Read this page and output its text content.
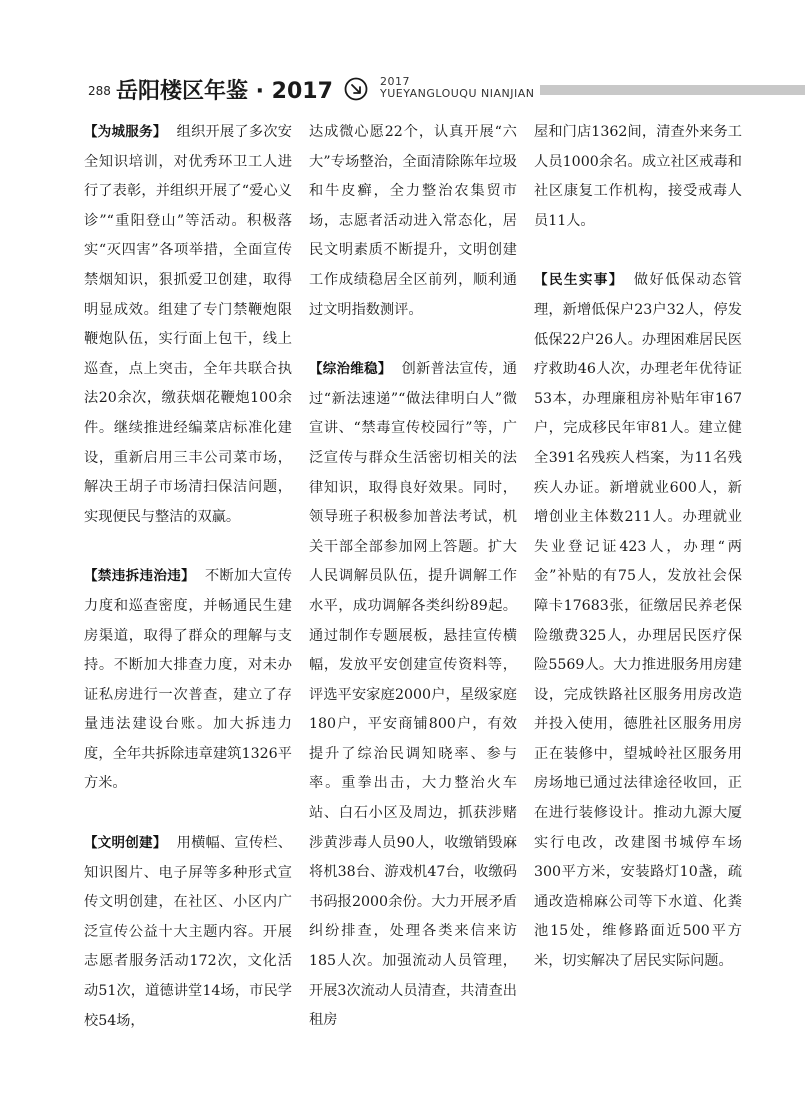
288 岳阳楼区年鉴 · 2017	2017
YUEYANGLOUQU NIANJIAN

【为城服务】 组织开展了多次安全知识培训，对优秀环卫工人进行了表彰，并组织开展了“爱心义诊”“重阳登山”等活动。积极落实“灭四害”各项举措，全面宣传禁烟知识，狠抓爱卫创建，取得明显成效。组建了专门禁鞭炮限鞭炮队伍，实行面上包干，线上巡查，点上突击，全年共联合执法20余次，缴获烟花鞭炮100余件。继续推进经编菜店标准化建设，重新启用三丰公司菜市场，解决王胡子市场清扫保洁问题，实现便民与整洁的双赢。

【禁违拆违治违】 不断加大宣传力度和巡查密度，并畅通民生建房渠道，取得了群众的理解与支持。不断加大排查力度，对未办证私房进行一次普查，建立了存量违法建设台账。加大拆违力度，全年共拆除违章建筑1326平方米。

【文明创建】 用横幅、宣传栏、知识图片、电子屏等多种形式宣传文明创建，在社区、小区内广泛宣传公益十大主题内容。开展志愿者服务活动172次，文化活动51次，道德讲堂14场，市民学校54场，

达成微心愿22个，认真开展“六大”专场整治，全面清除陈年垃圾和牛皮癣，全力整治农集贸市场，志愿者活动进入常态化，居民文明素质不断提升，文明创建工作成绩稳居全区前列，顺利通过文明指数测评。

【综治维稳】 创新普法宣传，通过“新法速递”“做法律明白人”微宣讲、“禁毒宣传校园行”等，广泛宣传与群众生活密切相关的法律知识，取得良好效果。同时，领导班子积极参加普法考试，机关干部全部参加网上答题。扩大人民调解员队伍，提升调解工作水平，成功调解各类纠纷89起。通过制作专题展板，悬挂宣传横幅，发放平安创建宣传资料等，评选平安家庭2000户，星级家庭180户，平安商铺800户，有效提升了综治民调知晓率、参与率。重拳出击，大力整治火车站、白石小区及周边，抓获涉赌涉黄涉毒人员90人，收缴销毁麻将机38台、游戏机47台，收缴码书码报2000余份。大力开展矛盾纠纷排查，处理各类来信来访185人次。加强流动人员管理，开展3次流动人员清查，共清查出租房

屋和门店1362间，清查外来务工人员1000余名。成立社区戒毒和社区康复工作机构，接受戒毒人员11人。

【民生实事】 做好低保动态管理，新增低保户23户32人，停发低保22户26人。办理困难居民医疗救助46人次，办理老年优待证53本，办理廉租房补贴年审167户，完成移民年审81人。建立健全391名残疾人档案，为11名残疾人办证。新增就业600人，新增创业主体数211人。办理就业失业登记证423人，办理“两金”补贴的有75人，发放社会保障卡17683张，征缴居民养老保险缴费325人，办理居民医疗保险5569人。大力推进服务用房建设，完成铁路社区服务用房改造并投入使用，德胜社区服务用房正在装修中，望城岭社区服务用房场地已通过法律途径收回，正在进行装修设计。推动九源大厦实行电改，改建图书城停车场300平方米，安装路灯10盏，疏通改造棉麻公司等下水道、化粪池15处，维修路面近500平方米，切实解决了居民实际问题。
